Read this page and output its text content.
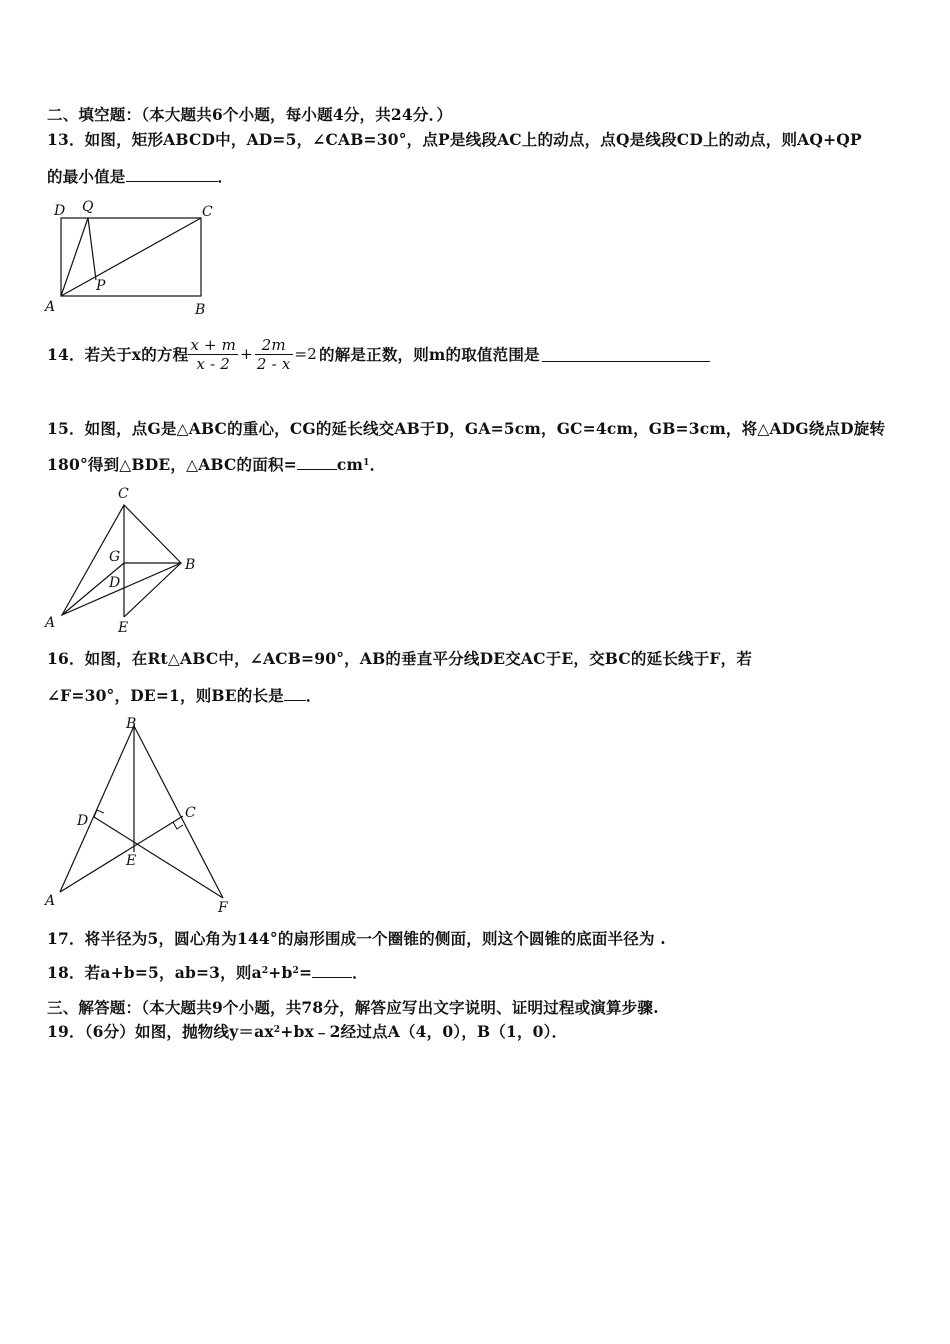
二、填空题：（本大题共6个小题，每小题4分，共24分．）
13．如图，矩形ABCD中，AD=5，∠CAB=30°，点P是线段AC上的动点，点Q是线段CD上的动点，则AQ+QP
的最小值是	．
D Q	C
P
A	B
14．若关于x的方程 $\frac{x + m}{x - 2} + \frac{2m}{2 - x} =2$ 的解是正数，则m的取值范围是
15．如图，点G是△ABC的重心，CG的延长线交AB于D，GA=5cm，GC=4cm，GB=3cm，将△ADG绕点D旋转
180°得到△BDE，△ABC的面积=	$cm^1$．
C
G	B
D
A	E
16．如图，在Rt△ABC中，∠ACB=90°，AB的垂直平分线DE交AC于E，交BC的延长线于F，若
∠F=30°，DE=1，则BE的长是 ．
B
D	C
E
A	F
17．将半径为5，圆心角为144°的扇形围成一个圈锥的侧面，则这个圆锥的底面半径为 .
18．若a+b=5，ab=3，则$a^2+b^2=$	．
三、解答题：（本大题共9个小题，共78分，解答应写出文字说明、证明过程或演算步骤.
19．（6分）如图，抛物线$y=ax^2+bx﹣2$经过点A（4，0），B（1，0）．
